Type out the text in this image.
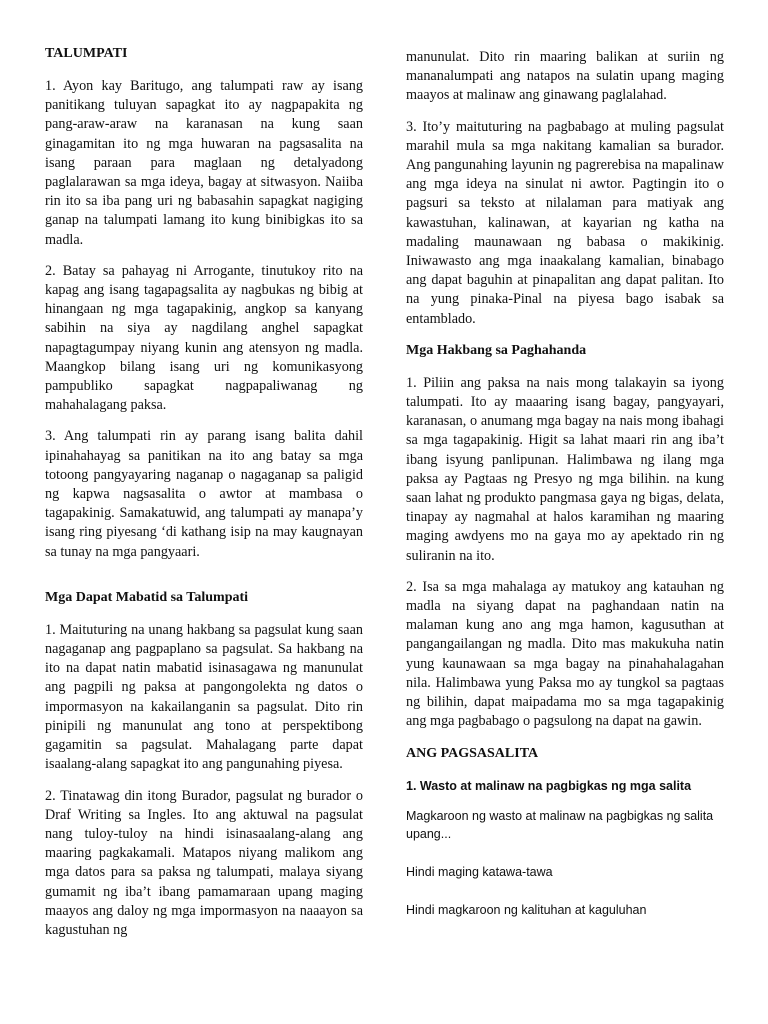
TALUMPATI

1. Ayon kay Baritugo, ang talumpati raw ay isang panitikang tuluyan sapagkat ito ay nagpapakita ng pang-araw-araw na karanasan na kung saan ginagamitan ito ng mga huwaran na pagsasalita na isang paraan para maglaan ng detalyadong paglalarawan sa mga ideya, bagay at sitwasyon. Naiiba rin ito sa iba pang uri ng babasahin sapagkat nagiging ganap na talumpati lamang ito kung binibigkas ito sa madla.

2. Batay sa pahayag ni Arrogante, tinutukoy rito na kapag ang isang tagapagsalita ay nagbukas ng bibig at hinangaan ng mga tagapakinig, angkop sa kanyang sabihin na siya ay nagdilang anghel sapagkat napagtagumpay niyang kunin ang atensyon ng madla. Maangkop bilang isang uri ng komunikasyong pampubliko sapagkat nagpapaliwanag ng mahahalagang paksa.

3. Ang talumpati rin ay parang isang balita dahil ipinahahayag sa panitikan na ito ang batay sa mga totoong pangyayaring naganap o nagaganap sa paligid ng kapwa nagsasalita o awtor at mambasa o tagapakinig. Samakatuwid, ang talumpati ay manapa’y isang ring piyesang ‘di kathang isip na may kaugnayan sa tunay na mga pangyaari.

Mga Dapat Mabatid sa Talumpati

1. Maituturing na unang hakbang sa pagsulat kung saan nagaganap ang pagpaplano sa pagsulat. Sa hakbang na ito na dapat natin mabatid isinasagawa ng manunulat ang pagpili ng paksa at pangongolekta ng datos o impormasyon na kakailanganin sa pagsulat. Dito rin pinipili ng manunulat ang tono at perspektibong gagamitin sa pagsulat. Mahalagang parte dapat isaalang-alang sapagkat ito ang pangunahing piyesa.

2. Tinatawag din itong Burador, pagsulat ng burador o Draf Writing sa Ingles. Ito ang aktuwal na pagsulat nang tuloy-tuloy na hindi isinasaalang-alang ang maaring pagkakamali. Matapos niyang malikom ang mga datos para sa paksa ng talumpati, malaya siyang gumamit ng iba’t ibang pamamaraan upang maging maayos ang daloy ng mga impormasyon na naaayon sa kagustuhan ng

manunulat. Dito rin maaring balikan at suriin ng mananalumpati ang natapos na sulatin upang maging maayos at malinaw ang ginawang paglalahad.

3. Ito’y maituturing na pagbabago at muling pagsulat marahil mula sa mga nakitang kamalian sa burador. Ang pangunahing layunin ng pagrerebisa na mapalinaw ang mga ideya na sinulat ni awtor. Pagtingin ito o pagsuri sa teksto at nilalaman para matiyak ang kawastuhan, kalinawan, at kayarian ng katha na madaling maunawaan ng babasa o makikinig. Iniwawasto ang mga inaakalang kamalian, binabago ang dapat baguhin at pinapalitan ang dapat palitan. Ito na yung pinaka-Pinal na piyesa bago isabak sa entamblado.

Mga Hakbang sa Paghahanda

1. Piliin ang paksa na nais mong talakayin sa iyong talumpati. Ito ay maaaring isang bagay, pangyayari, karanasan, o anumang mga bagay na nais mong ibahagi sa mga tagapakinig. Higit sa lahat maari rin ang iba’t ibang isyung panlipunan. Halimbawa ng ilang mga paksa ay Pagtaas ng Presyo ng mga bilihin. na kung saan lahat ng produkto pangmasa gaya ng bigas, delata, tinapay ay nagmahal at halos karamihan ng maaring maging awdyens mo na gaya mo ay apektado rin ng suliranin na ito.

2. Isa sa mga mahalaga ay matukoy ang katauhan ng madla na siyang dapat na paghandaan natin na malaman kung ano ang mga hamon, kagusuthan at pangangailangan ng madla. Dito mas makukuha natin yung kaunawaan sa mga bagay na pinahahalagahan nila. Halimbawa yung Paksa mo ay tungkol sa pagtaas ng bilihin, dapat maipadama mo sa mga tagapakinig ang mga pagbabago o pagsulong na dapat na gawin.

ANG PAGSASALITA
1. Wasto at malinaw na pagbigkas ng mga salita

Magkaroon ng wasto at malinaw na pagbigkas ng salita upang...

Hindi maging katawa-tawa

Hindi magkaroon ng kalituhan at kaguluhan
